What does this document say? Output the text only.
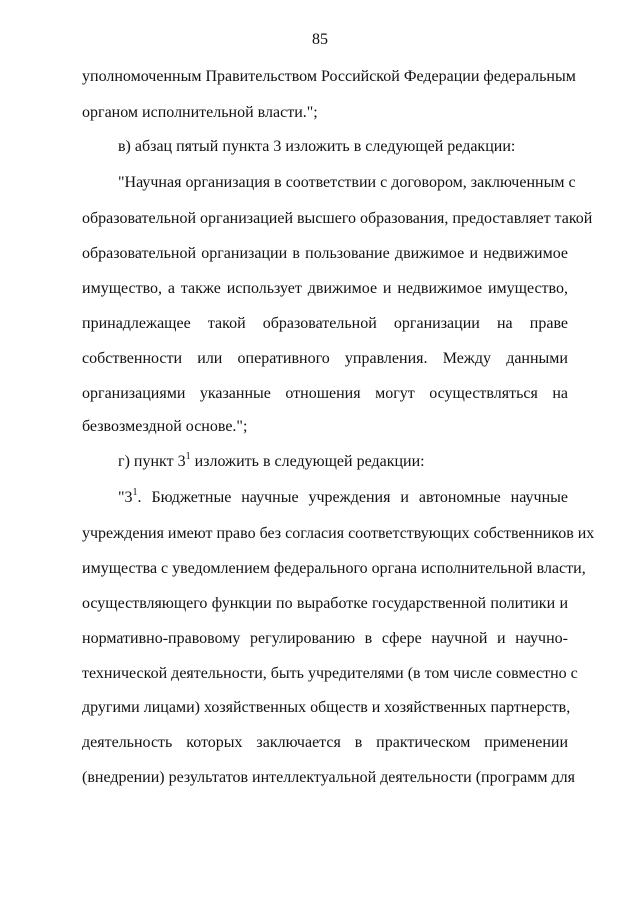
85
уполномоченным Правительством Российской Федерации федеральным
органом исполнительной власти.";
в) абзац пятый пункта 3 изложить в следующей редакции:
"Научная организация в соответствии с договором, заключенным с
образовательной организацией высшего образования, предоставляет такой
образовательной организации в пользование движимое и недвижимое
имущество, а также использует движимое и недвижимое имущество,
принадлежащее такой образовательной организации на праве
собственности или оперативного управления. Между данными
организациями указанные отношения могут осуществляться на
безвозмездной основе.";
г) пункт $3^1$ изложить в следующей редакции:
"$3^1$. Бюджетные научные учреждения и автономные научные
учреждения имеют право без согласия соответствующих собственников их
имущества с уведомлением федерального органа исполнительной власти,
осуществляющего функции по выработке государственной политики и
нормативно-правовому регулированию в сфере научной и научно-
технической деятельности, быть учредителями (в том числе совместно с
другими лицами) хозяйственных обществ и хозяйственных партнерств,
деятельность которых заключается в практическом применении
(внедрении) результатов интеллектуальной деятельности (программ для
